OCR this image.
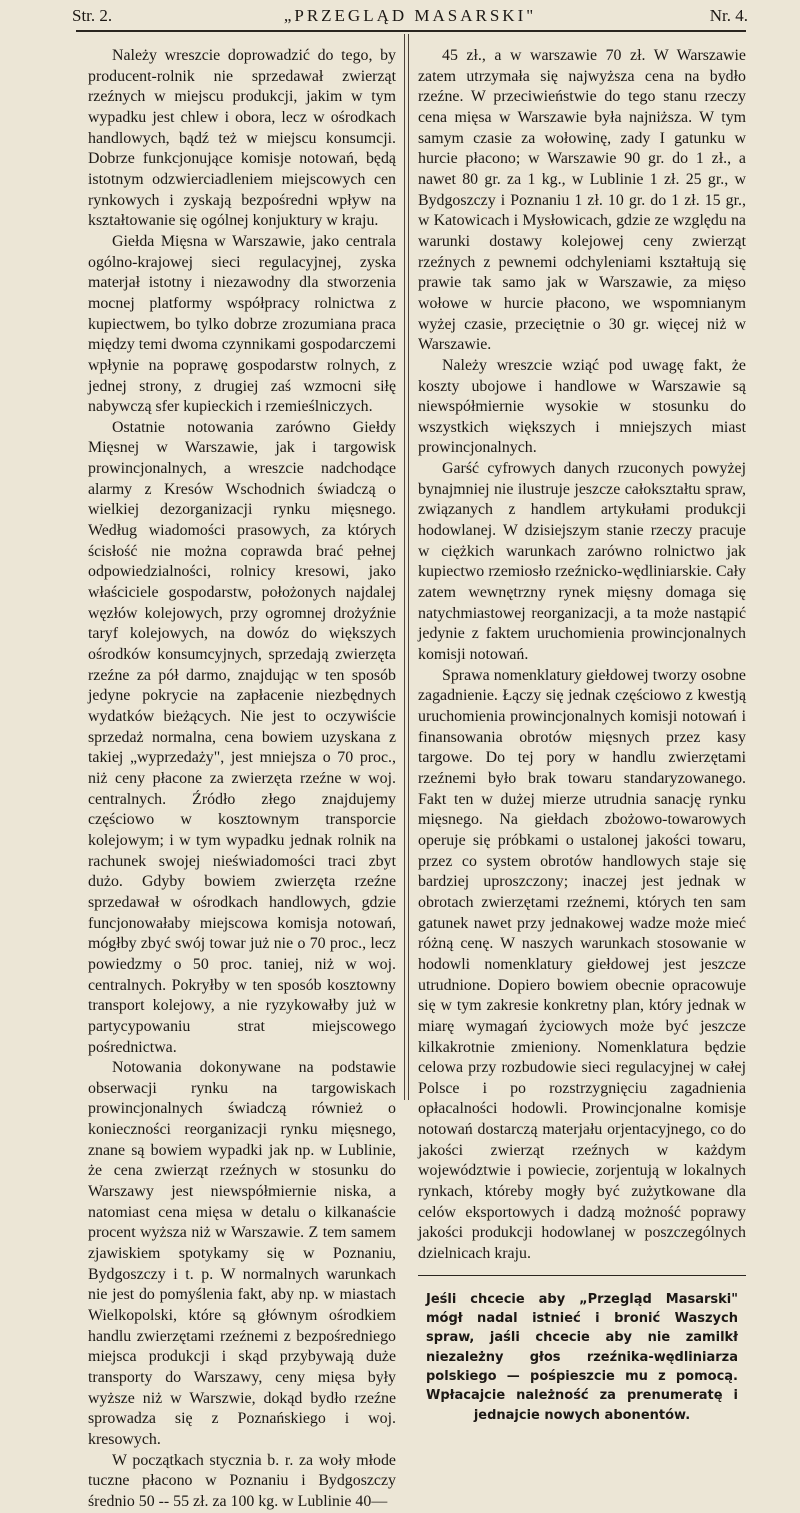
Str. 2.	„PRZEGLĄD MASARSKI"	Nr. 4.

Należy wreszcie doprowadzić do tego, by producent-rolnik nie sprzedawał zwierząt rzeźnych w miejscu produkcji, jakim w tym wypadku jest chlew i obora, lecz w ośrodkach handlowych, bądź też w miejscu konsumcji. Dobrze funkcjonujące komisje notowań, będą istotnym odzwierciadleniem miejscowych cen rynkowych i zyskają bezpośredni wpływ na kształtowanie się ogólnej konjuktury w kraju.

Giełda Mięsna w Warszawie, jako centrala ogólno-krajowej sieci regulacyjnej, zyska materjał istotny i niezawodny dla stworzenia mocnej platformy współpracy rolnictwa z kupiectwem, bo tylko dobrze zrozumiana praca między temi dwoma czynnikami gospodarczemi wpłynie na poprawę gospodarstw rolnych, z jednej strony, z drugiej zaś wzmocni siłę nabywczą sfer kupieckich i rzemieślniczych.

Ostatnie notowania zarówno Giełdy Mięsnej w Warszawie, jak i targowisk prowincjonalnych, a wreszcie nadchodące alarmy z Kresów Wschodnich świadczą o wielkiej dezorganizacji rynku mięsnego. Według wiadomości prasowych, za których ścisłość nie można coprawda brać pełnej odpowiedzialności, rolnicy kresowi, jako właściciele gospodarstw, położonych najdalej węzłów kolejowych, przy ogromnej drożyźnie taryf kolejowych, na dowóz do większych ośrodków konsumcyjnych, sprzedają zwierzęta rzeźne za pół darmo, znajdując w ten sposób jedyne pokrycie na zapłacenie niezbędnych wydatków bieżących. Nie jest to oczywiście sprzedaż normalna, cena bowiem uzyskana z takiej „wyprzedaży", jest mniejsza o 70 proc., niż ceny płacone za zwierzęta rzeźne w woj. centralnych. Źródło złego znajdujemy częściowo w kosztownym transporcie kolejowym; i w tym wypadku jednak rolnik na rachunek swojej nieświadomości traci zbyt dużo. Gdyby bowiem zwierzęta rzeźne sprzedawał w ośrodkach handlowych, gdzie funcjonowałaby miejscowa komisja notowań, mógłby zbyć swój towar już nie o 70 proc., lecz powiedzmy o 50 proc. taniej, niż w woj. centralnych. Pokryłby w ten sposób kosztowny transport kolejowy, a nie ryzykowałby już w partycypowaniu strat miejscowego pośrednictwa.

Notowania dokonywane na podstawie obserwacji rynku na targowiskach prowincjonalnych świadczą również o konieczności reorganizacji rynku mięsnego, znane są bowiem wypadki jak np. w Lublinie, że cena zwierząt rzeźnych w stosunku do Warszawy jest niewspółmiernie niska, a natomiast cena mięsa w detalu o kilkanaście procent wyższa niż w Warszawie. Z tem samem zjawiskiem spotykamy się w Poznaniu, Bydgoszczy i t. p. W normalnych warunkach nie jest do pomyślenia fakt, aby np. w miastach Wielkopolski, które są głównym ośrodkiem handlu zwierzętami rzeźnemi z bezpośredniego miejsca produkcji i skąd przybywają duże transporty do Warszawy, ceny mięsa były wyższe niż w Warszwie, dokąd bydło rzeźne sprowadza się z Poznańskiego i woj. kresowych.

W początkach stycznia b. r. za woły młode tuczne płacono w Poznaniu i Bydgoszczy średnio 50 -- 55 zł. za 100 kg. w Lublinie 40—

45 zł., a w warszawie 70 zł. W Warszawie zatem utrzymała się najwyższa cena na bydło rzeźne. W przeciwieństwie do tego stanu rzeczy cena mięsa w Warszawie była najniższa. W tym samym czasie za wołowinę, zady I gatunku w hurcie płacono; w Warszawie 90 gr. do 1 zł., a nawet 80 gr. za 1 kg., w Lublinie 1 zł. 25 gr., w Bydgoszczy i Poznaniu 1 zł. 10 gr. do 1 zł. 15 gr., w Katowicach i Mysłowicach, gdzie ze względu na warunki dostawy kolejowej ceny zwierząt rzeźnych z pewnemi odchyleniami kształtują się prawie tak samo jak w Warszawie, za mięso wołowe w hurcie płacono, we wspomnianym wyżej czasie, przeciętnie o 30 gr. więcej niż w Warszawie.

Należy wreszcie wziąć pod uwagę fakt, że koszty ubojowe i handlowe w Warszawie są niewspółmiernie wysokie w stosunku do wszystkich większych i mniejszych miast prowincjonalnych.

Garść cyfrowych danych rzuconych powyżej bynajmniej nie ilustruje jeszcze całokształtu spraw, związanych z handlem artykułami produkcji hodowlanej. W dzisiejszym stanie rzeczy pracuje w ciężkich warunkach zarówno rolnictwo jak kupiectwo rzemiosło rzeźnicko-wędliniarskie. Cały zatem wewnętrzny rynek mięsny domaga się natychmiastowej reorganizacji, a ta może nastąpić jedynie z faktem uruchomienia prowincjonalnych komisji notowań.

Sprawa nomenklatury giełdowej tworzy osobne zagadnienie. Łączy się jednak częściowo z kwestją uruchomienia prowincjonalnych komisji notowań i finansowania obrotów mięsnych przez kasy targowe. Do tej pory w handlu zwierzętami rzeźnemi było brak towaru standaryzowanego. Fakt ten w dużej mierze utrudnia sanację rynku mięsnego. Na giełdach zbożowo-towarowych operuje się próbkami o ustalonej jakości towaru, przez co system obrotów handlowych staje się bardziej uproszczony; inaczej jest jednak w obrotach zwierzętami rzeźnemi, których ten sam gatunek nawet przy jednakowej wadze może mieć różną cenę. W naszych warunkach stosowanie w hodowli nomenklatury giełdowej jest jeszcze utrudnione. Dopiero bowiem obecnie opracowuje się w tym zakresie konkretny plan, który jednak w miarę wymagań życiowych może być jeszcze kilkakrotnie zmieniony. Nomenklatura będzie celowa przy rozbudowie sieci regulacyjnej w całej Polsce i po rozstrzygnięciu zagadnienia opłacalności hodowli. Prowincjonalne komisje notowań dostarczą materjału orjentacyjnego, co do jakości zwierząt rzeźnych w każdym województwie i powiecie, zorjentują w lokalnych rynkach, któreby mogły być zużytkowane dla celów eksportowych i dadzą możność poprawy jakości produkcji hodowlanej w poszczególnych dzielnicach kraju.

Jeśli chcecie aby „Przegląd Masarski" mógł nadal istnieć i bronić Waszych spraw, jaśli chcecie aby nie zamilkł niezależny głos rzeźnika-wędliniarza polskiego — pośpieszcie mu z pomocą. Wpłacajcie należność za prenumeratę i jednajcie nowych abonentów.
